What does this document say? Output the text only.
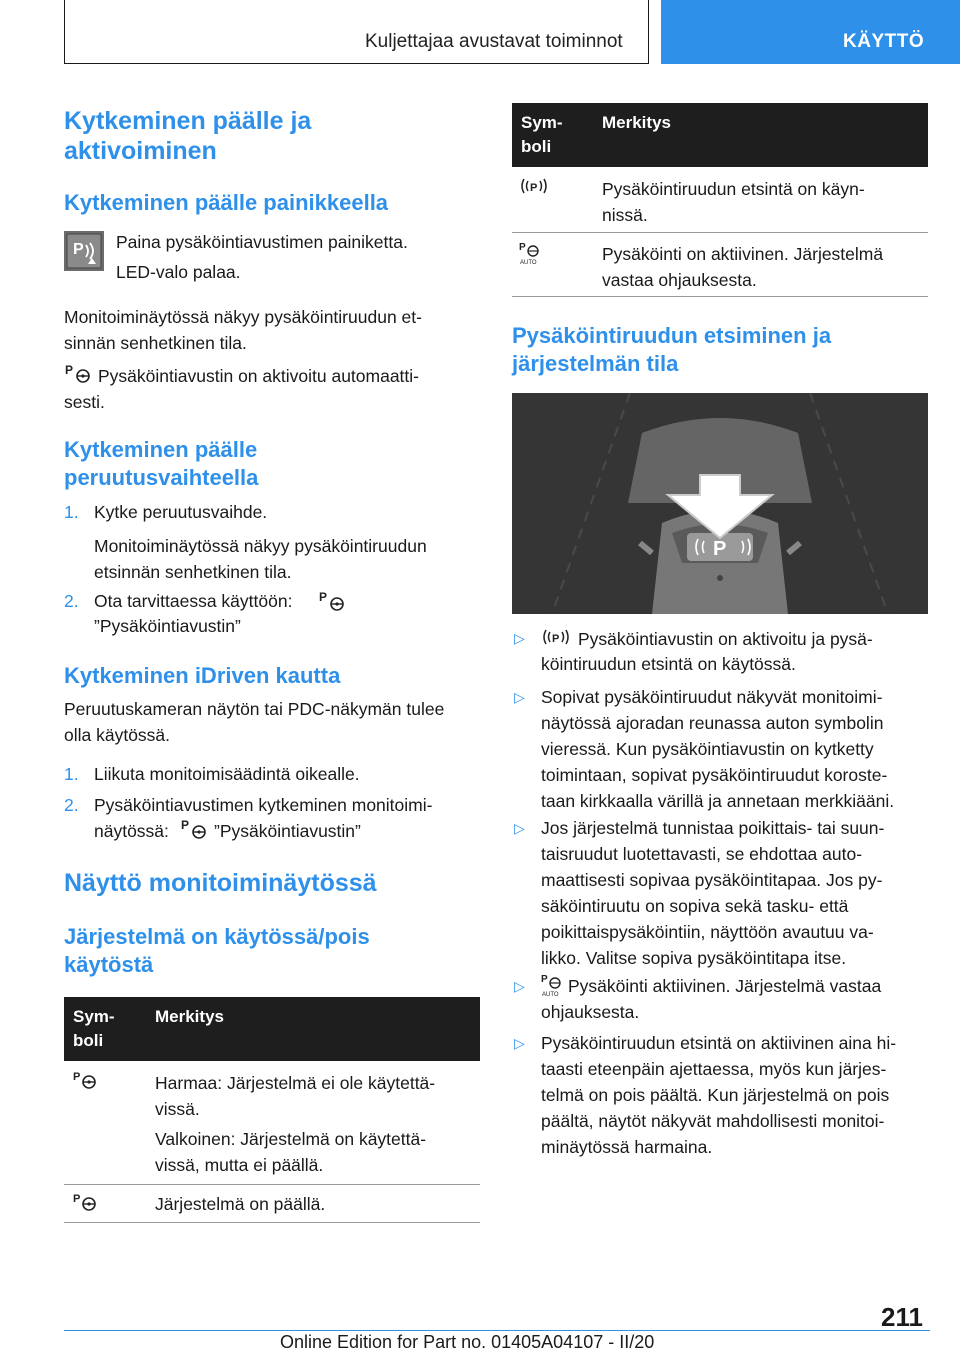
Kuljettajaa avustavat toiminnot	KÄYTTÖ
Kytkeminen päälle ja
aktivoiminen
Kytkeminen päälle painikkeella
P Paina pysäköintiavustimen painiketta.
LED-valo palaa.
Monitoiminäytössä näkyy pysäköintiruudun et-
sinnän senhetkinen tila.
P Pysäköintiavustin on aktivoitu automaatti-
sesti.
Kytkeminen päälle
peruutusvaihteella
1. Kytke peruutusvaihde.
Monitoiminäytössä näkyy pysäköintiruudun
etsinnän senhetkinen tila.
2. Ota tarvittaessa käyttöön: P
”Pysäköintiavustin”
Kytkeminen iDriven kautta
Peruutuskameran näytön tai PDC-näkymän tulee
olla käytössä.
1. Liikuta monitoimisäädintä oikealle.
2. Pysäköintiavustimen kytkeminen monitoimi-
näytössä: P ”Pysäköintiavustin”
Näyttö monitoiminäytössä
Järjestelmä on käytössä/pois
käytöstä
Sym-
boli
Merkitys
P	Harmaa: Järjestelmä ei ole käytettä-
vissä.
Valkoinen: Järjestelmä on käytettä-
vissä, mutta ei päällä.
P	Järjestelmä on päällä.
Sym-
boli
Merkitys
P	Pysäköintiruudun etsintä on käyn-
nissä.
P
AUTO	Pysäköinti on aktiivinen. Järjestelmä
vastaa ohjauksesta.
Pysäköintiruudun etsiminen ja
järjestelmän tila
P
▷ P Pysäköintiavustin on aktivoitu ja pysä-
köintiruudun etsintä on käytössä.
▷ Sopivat pysäköintiruudut näkyvät monitoimi-
näytössä ajoradan reunassa auton symbolin
vieressä. Kun pysäköintiavustin on kytketty
toimintaan, sopivat pysäköintiruudut koroste-
taan kirkkaalla värillä ja annetaan merkkiääni.
▷ Jos järjestelmä tunnistaa poikittais- tai suun-
taisruudut luotettavasti, se ehdottaa auto-
maattisesti sopivaa pysäköintitapaa. Jos py-
säköintiruutu on sopiva sekä tasku- että
poikittaispysäköintiin, näyttöön avautuu va-
likko. Valitse sopiva pysäköintitapa itse.
▷ P
AUTO Pysäköinti aktiivinen. Järjestelmä vastaa
ohjauksesta.
▷ Pysäköintiruudun etsintä on aktiivinen aina hi-
taasti eteenpäin ajettaessa, myös kun järjes-
telmä on pois päältä. Kun järjestelmä on pois
päältä, näytöt näkyvät mahdollisesti monitoi-
minäytössä harmaina.
211
Online Edition for Part no. 01405A04107 - II/20
